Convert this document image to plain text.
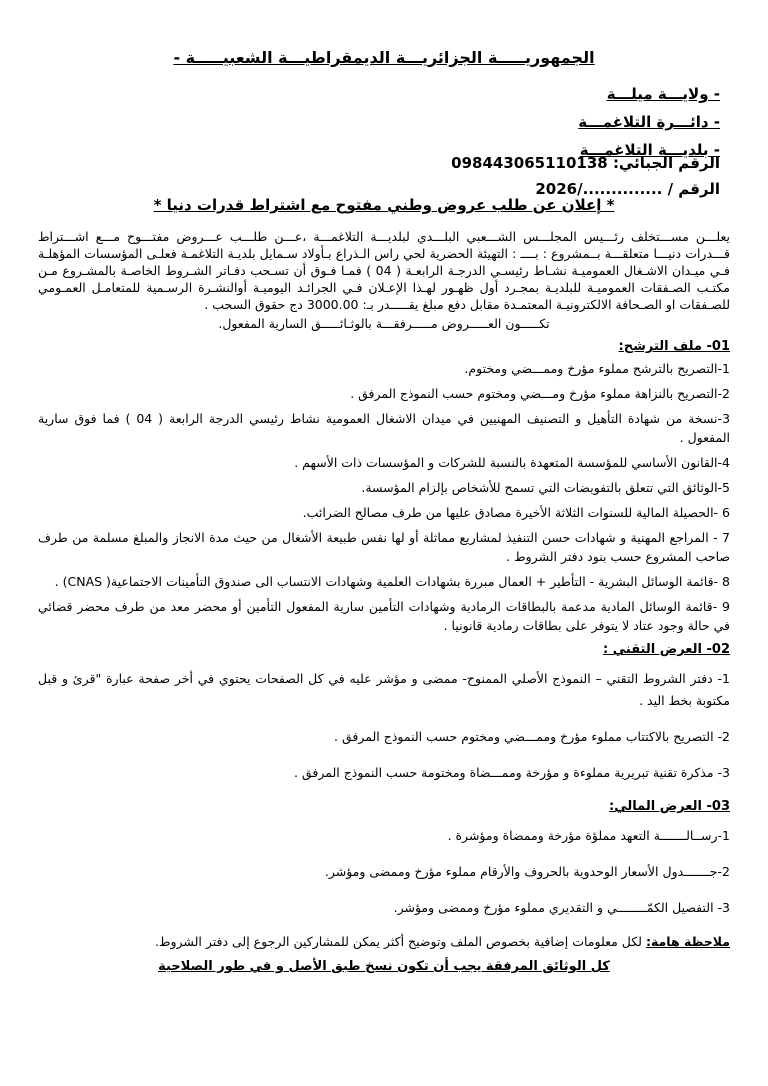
الجمهوريـــــة الجزائريـــة الديمقراطيـــة الشعبيـــــة -
- ولايـــة ميلـــة
- دائـــرة التلاغمـــة
- بلديـــة التلاغمـــة
الرقم الجبائي: 09844306511013​8
الرقم / ............../2026
* إعلان عن طلب عروض وطني مفتوح مع اشتراط قدرات دنيا *

يعلـــن مســـتخلف رئـــيس المجلـــس الشـــعبي البلـــدي لبلديـــة التلاغمـــة ،عـــن طلـــب عـــروض مفتـــوح مـــع اشـــتراط قـــدرات دنيـــا متعلقـــة بــمشروع : بــــ : التهيئة الحضرية لحي راس الـذراع بـأولاد سـمايل بلديـة التلاغمـة فعلـى المؤسسات المؤهلـة فـي ميـدان الاشـغال العموميـة نشـاط رئيسـي الدرجـة الرابعـة ( 04 ) فمـا فـوق أن تسـحب دفـاتر الشـروط الخاصـة بالمشـروع مـن مكتـب الصـفقات العموميـة للبلديـة بمجـرد أول ظهـور لهـذا الإعـلان فـي الجرائـد اليوميـة أوالنشـرة الرسـمية للمتعامـل العمـومي للصـفقات او الصـحافة الالكترونيـة المعتمـدة مقابل دفع مبلغ يقـــــدر بـ: 3000.00 دج حقوق السحب .

تكـــــون العـــــروض مـــــرفقـــة بالوثـائـــــق السارية المفعول.

01- ملف الترشح:
1-التصريح بالترشح مملوء مؤرخ وممـــضي ومختوم.
2-التصريح بالنزاهة مملوء مؤرخ ومـــضي ومختوم حسب النموذج المرفق .
3-نسخة من شهادة التأهيل و التصنيف المهنيين في ميدان الاشغال العمومية نشاط رئيسي الدرجة الرابعة ( 04 ) فما فوق سارية المفعول .
4-القانون الأساسي للمؤسسة المتعهدة بالنسبة للشركات و المؤسسات ذات الأسهم .
5-الوثائق التي تتعلق بالتفويضات التي تسمح للأشخاص بإلزام المؤسسة.
6 -الحصيلة المالية للسنوات الثلاثة الأخيرة مصادق عليها من طرف مصالح الضرائب.
7 - المراجع المهنية و شهادات حسن التنفيذ لمشاريع مماثلة أو لها نفس طبيعة الأشغال من حيث مدة الانجاز والمبلغ مسلمة من طرف صاحب المشروع حسب بنود دفتر الشروط .
8 -قائمة الوسائل البشرية - التأطير + العمال مبررة بشهادات العلمية وشهادات الانتساب الى صندوق التأمينات الاجتماعية( CNAS) .
9 -قائمة الوسائل المادية مدعمة بالبطاقات الرمادية وشهادات التأمين سارية المفعول التأمين أو محضر معد من طرف محضر قضائي في حالة وجود عتاد لا يتوفر على بطاقات رمادية قانونيا .
02- العرض التقني :
1- دفتر الشروط التقني – النموذج الأصلي الممنوح- ممضى و مؤشر عليه في كل الصفحات يحتوي في أخر صفحة عبارة "قرئ و قبل مكتوبة بخط اليد .
2- التصريح بالاكتتاب مملوء مؤرخ وممـــضي ومختوم حسب النموذج المرفق .
3- مذكرة تقنية تبريرية مملوءة و مؤرخة وممـــضاة ومختومة حسب النموذج المرفق .
03- العرض المالي:
1-رســالـــــــة التعهد مملؤة مؤرخة وممضاة ومؤشرة .
2-جـــــــدول الأسعار الوحدوية بالحروف والأرقام مملوء مؤرخ وممضى ومؤشر.
3- التفصيل الكمّــــــــي و التقديري مملوء مؤرخ وممضى ومؤشر.
ملاحظة هامة: لكل معلومات إضافية بخصوص الملف وتوضيح أكثر يمكن للمشاركين الرجوع إلى دفتر الشروط.
كل الوثائق المرفقة يجب أن تكون نسخ طبق الأصل و في طور الصلاحية
